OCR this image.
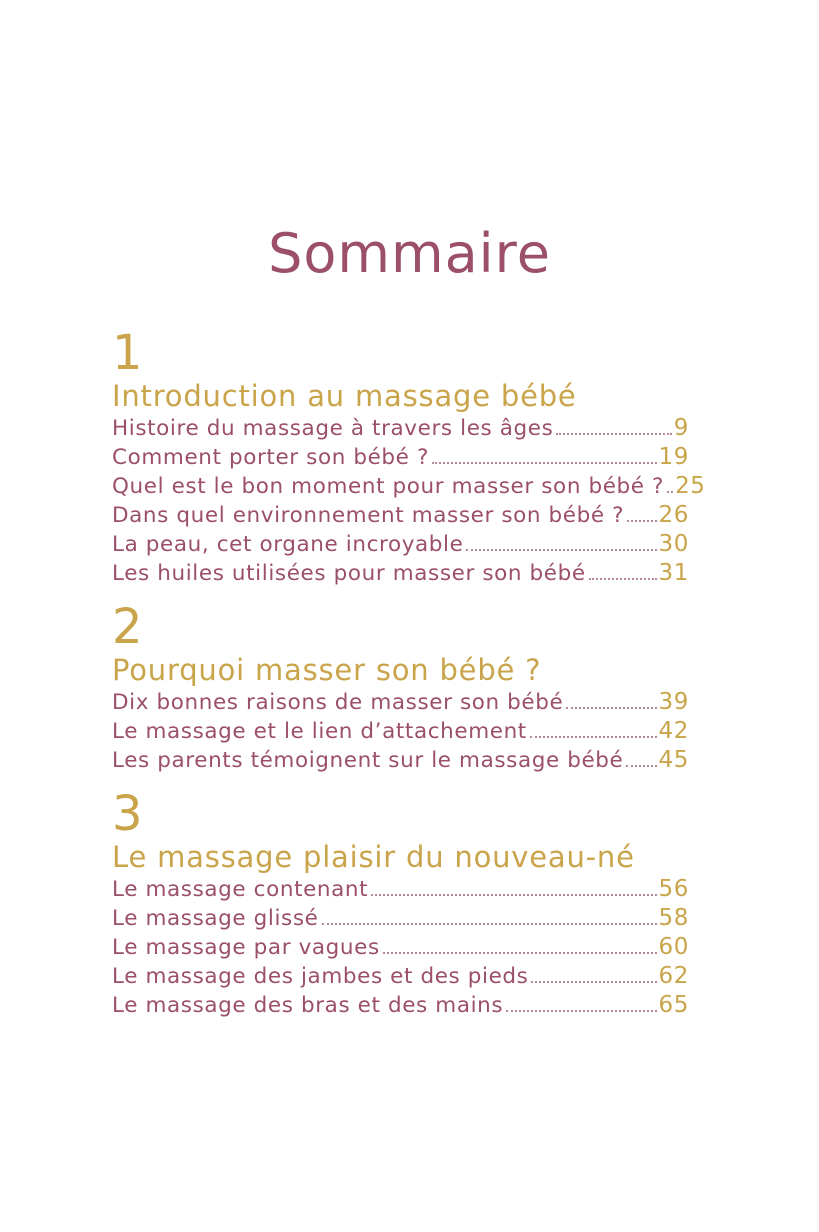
Sommaire
1
Introduction au massage bébé
Histoire du massage à travers les âges	9
Comment porter son bébé ?	19
Quel est le bon moment pour masser son bébé ? 25
Dans quel environnement masser son bébé ? 26
La peau, cet organe incroyable	30
Les huiles utilisées pour masser son bébé	31
2
Pourquoi masser son bébé ?
Dix bonnes raisons de masser son bébé	39
Le massage et le lien d’attachement	42
Les parents témoignent sur le massage bébé 45
3
Le massage plaisir du nouveau-né
Le massage contenant	56
Le massage glissé	58
Le massage par vagues	60
Le massage des jambes et des pieds	62
Le massage des bras et des mains	65
